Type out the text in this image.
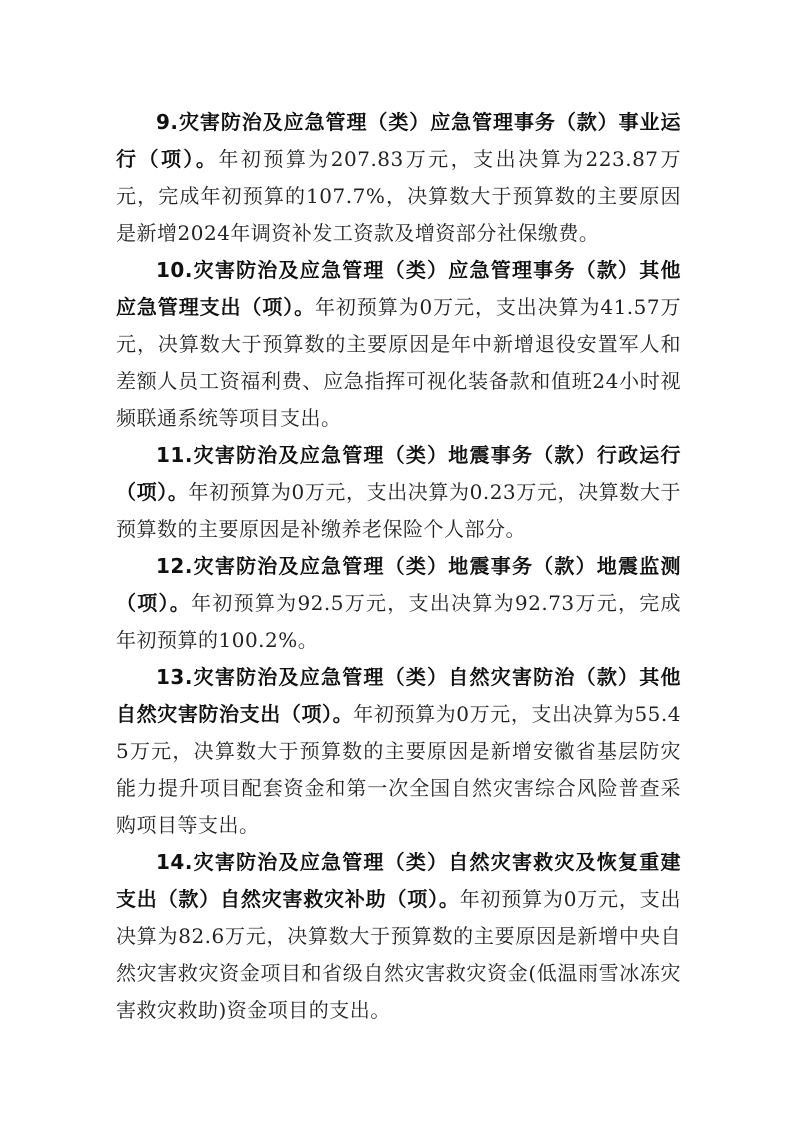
9.灾害防治及应急管理（类）应急管理事务（款）事业运行（项）。年初预算为207.83万元，支出决算为223.87万元，完成年初预算的107.7%，决算数大于预算数的主要原因是新增2024年调资补发工资款及增资部分社保缴费。

10.灾害防治及应急管理（类）应急管理事务（款）其他应急管理支出（项）。年初预算为0万元，支出决算为41.57万元，决算数大于预算数的主要原因是年中新增退役安置军人和差额人员工资福利费、应急指挥可视化装备款和值班24小时视频联通系统等项目支出。

11.灾害防治及应急管理（类）地震事务（款）行政运行（项）。年初预算为0万元，支出决算为0.23万元，决算数大于预算数的主要原因是补缴养老保险个人部分。

12.灾害防治及应急管理（类）地震事务（款）地震监测（项）。年初预算为92.5万元，支出决算为92.73万元，完成年初预算的100.2%。

13.灾害防治及应急管理（类）自然灾害防治（款）其他自然灾害防治支出（项）。年初预算为0万元，支出决算为55.45万元，决算数大于预算数的主要原因是新增安徽省基层防灾能力提升项目配套资金和第一次全国自然灾害综合风险普查采购项目等支出。

14.灾害防治及应急管理（类）自然灾害救灾及恢复重建支出（款）自然灾害救灾补助（项）。年初预算为0万元，支出决算为82.6万元，决算数大于预算数的主要原因是新增中央自然灾害救灾资金项目和省级自然灾害救灾资金(低温雨雪冰冻灾害救灾救助)资金项目的支出。
